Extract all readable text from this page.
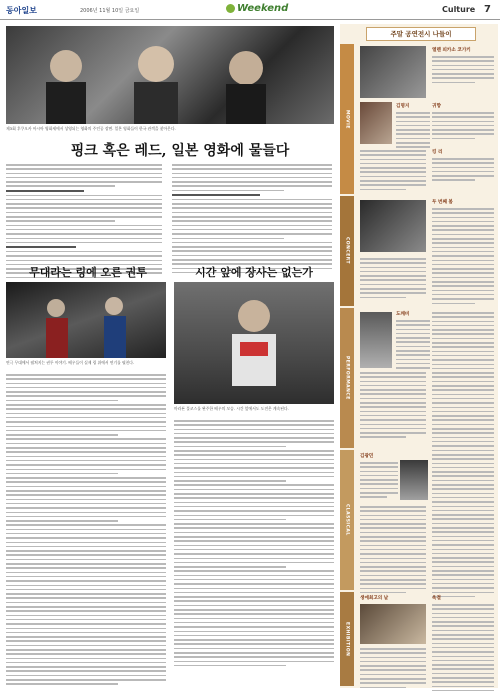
동아일보	2006년 11월 10일 금요일	Weekend	Culture 7
제3회 후쿠오카 아시아 영화제에서 상영되는 영화의 주인공 장면. 일본 영화들이 한국 관객을 찾아온다.
핑크 혹은 레드, 일본 영화에 물들다
무대라는 링에 오른 권투
연극 무대에서 펼쳐지는 권투 이야기. 배우들이 실제 링 위에서 연기를 펼친다.
시간 앞에 장사는 없는가
마라톤 풀코스를 완주한 배우의 모습. 시간 앞에서도 도전은 계속된다.
주말 공연전시 나들이
MOVIE
CONCERT
PERFORMANCE
CLASSICAL
EXHIBITION
엘렌 피카소 코가키
김명지	귀향
킹 리
두 번째 봄
도깨비
김광민
생애최고의 날	옥결
